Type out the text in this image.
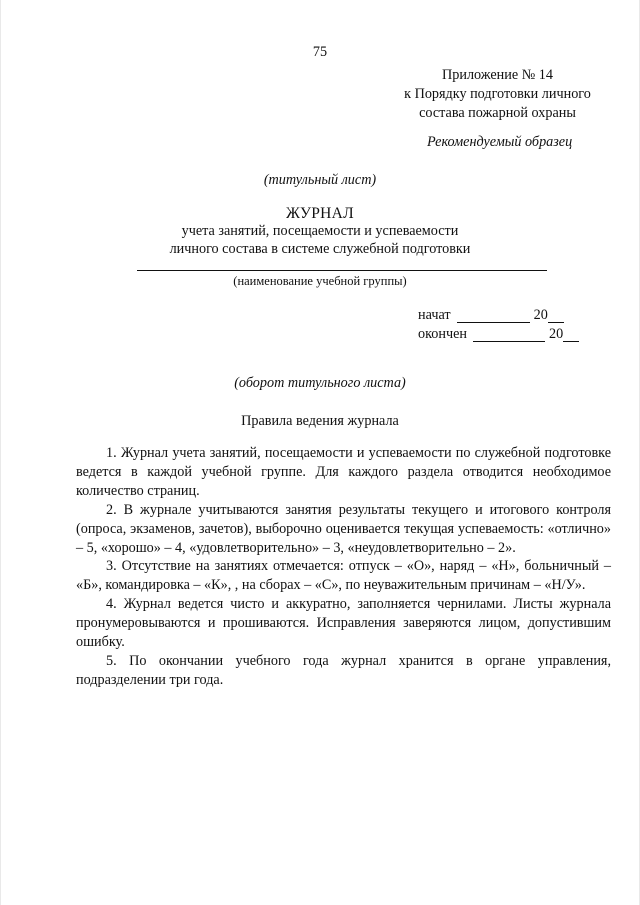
75
Приложение № 14
к Порядку подготовки личного
состава пожарной охраны
Рекомендуемый образец
(титульный лист)
ЖУРНАЛ
учета занятий, посещаемости и успеваемости
личного состава в системе служебной подготовки
(наименование учебной группы)
начат	20
окончен	20
(оборот титульного листа)
Правила ведения журнала

1. Журнал учета занятий, посещаемости и успеваемости по служебной подготовке ведется в каждой учебной группе. Для каждого раздела отводится необходимое количество страниц.

2. В журнале учитываются занятия результаты текущего и итогового контроля (опроса, экзаменов, зачетов), выборочно оценивается текущая успеваемость: «отлично» – 5, «хорошо» – 4, «удовлетворительно» – 3, «неудовлетворительно – 2».

3. Отсутствие на занятиях отмечается: отпуск – «О», наряд – «Н», больничный – «Б», командировка – «К», , на сборах – «С», по неуважительным причинам – «Н/У».

4. Журнал ведется чисто и аккуратно, заполняется чернилами. Листы журнала пронумеровываются и прошиваются. Исправления заверяются лицом, допустившим ошибку.

5. По окончании учебного года журнал хранится в органе управления, подразделении три года.
